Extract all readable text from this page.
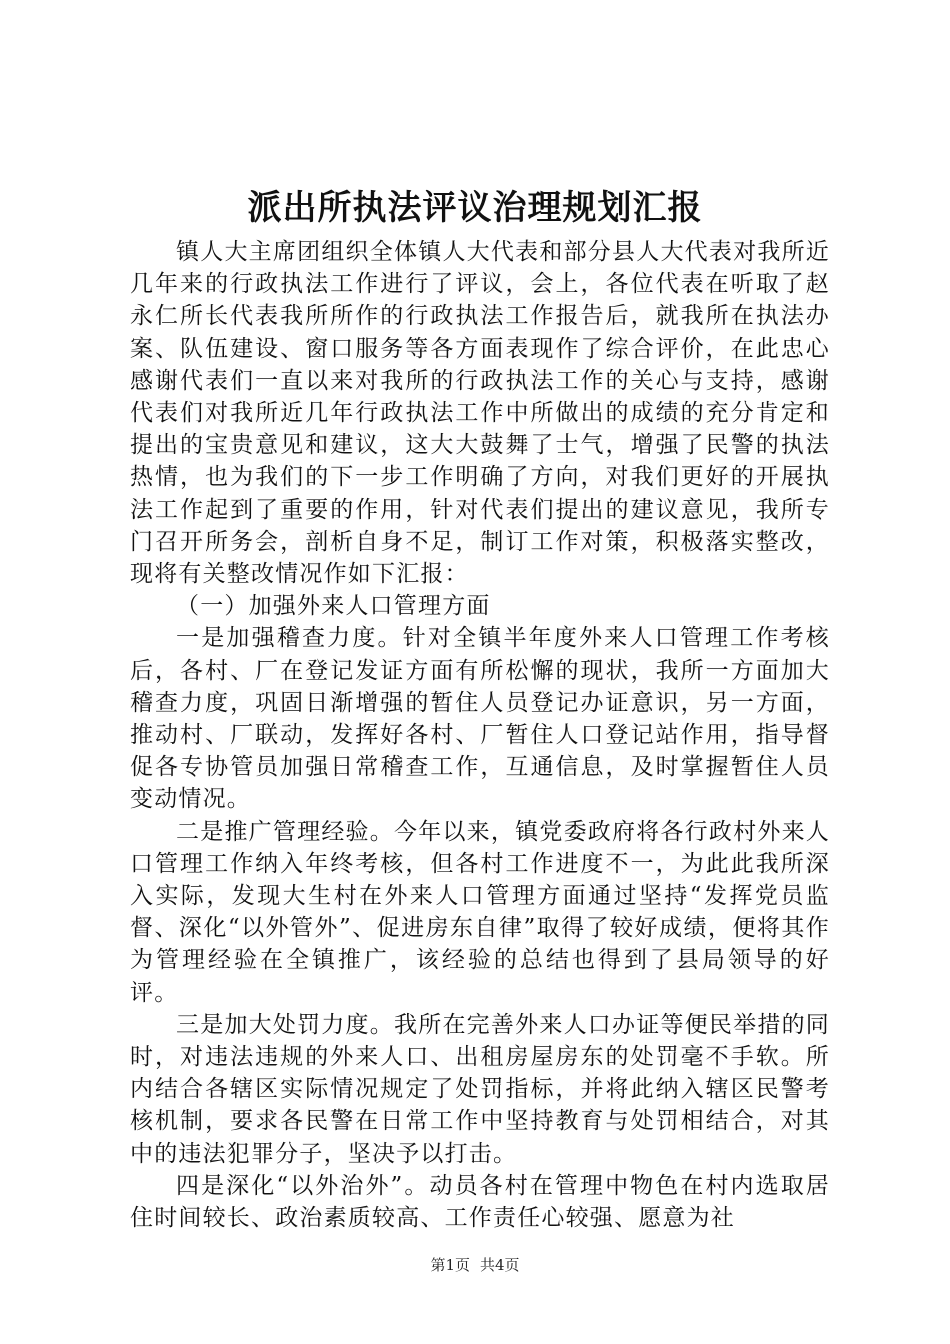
派出所执法评议治理规划汇报

镇人大主席团组织全体镇人大代表和部分县人大代表对我所近几年来的行政执法工作进行了评议，会上，各位代表在听取了赵永仁所长代表我所所作的行政执法工作报告后，就我所在执法办案、队伍建设、窗口服务等各方面表现作了综合评价，在此忠心感谢代表们一直以来对我所的行政执法工作的关心与支持，感谢代表们对我所近几年行政执法工作中所做出的成绩的充分肯定和提出的宝贵意见和建议，这大大鼓舞了士气，增强了民警的执法热情，也为我们的下一步工作明确了方向，对我们更好的开展执法工作起到了重要的作用，针对代表们提出的建议意见，我所专门召开所务会，剖析自身不足，制订工作对策，积极落实整改，现将有关整改情况作如下汇报：

（一）加强外来人口管理方面

一是加强稽查力度。针对全镇半年度外来人口管理工作考核后，各村、厂在登记发证方面有所松懈的现状，我所一方面加大稽查力度，巩固日渐增强的暂住人员登记办证意识，另一方面，推动村、厂联动，发挥好各村、厂暂住人口登记站作用，指导督促各专协管员加强日常稽查工作，互通信息，及时掌握暂住人员变动情况。

二是推广管理经验。今年以来，镇党委政府将各行政村外来人口管理工作纳入年终考核，但各村工作进度不一，为此此我所深入实际，发现大生村在外来人口管理方面通过坚持“发挥党员监督、深化“以外管外”、促进房东自律”取得了较好成绩，便将其作为管理经验在全镇推广，该经验的总结也得到了县局领导的好评。

三是加大处罚力度。我所在完善外来人口办证等便民举措的同时，对违法违规的外来人口、出租房屋房东的处罚毫不手软。所内结合各辖区实际情况规定了处罚指标，并将此纳入辖区民警考核机制，要求各民警在日常工作中坚持教育与处罚相结合，对其中的违法犯罪分子，坚决予以打击。

四是深化“以外治外”。动员各村在管理中物色在村内选取居住时间较长、政治素质较高、工作责任心较强、愿意为社

第1页 共4页
